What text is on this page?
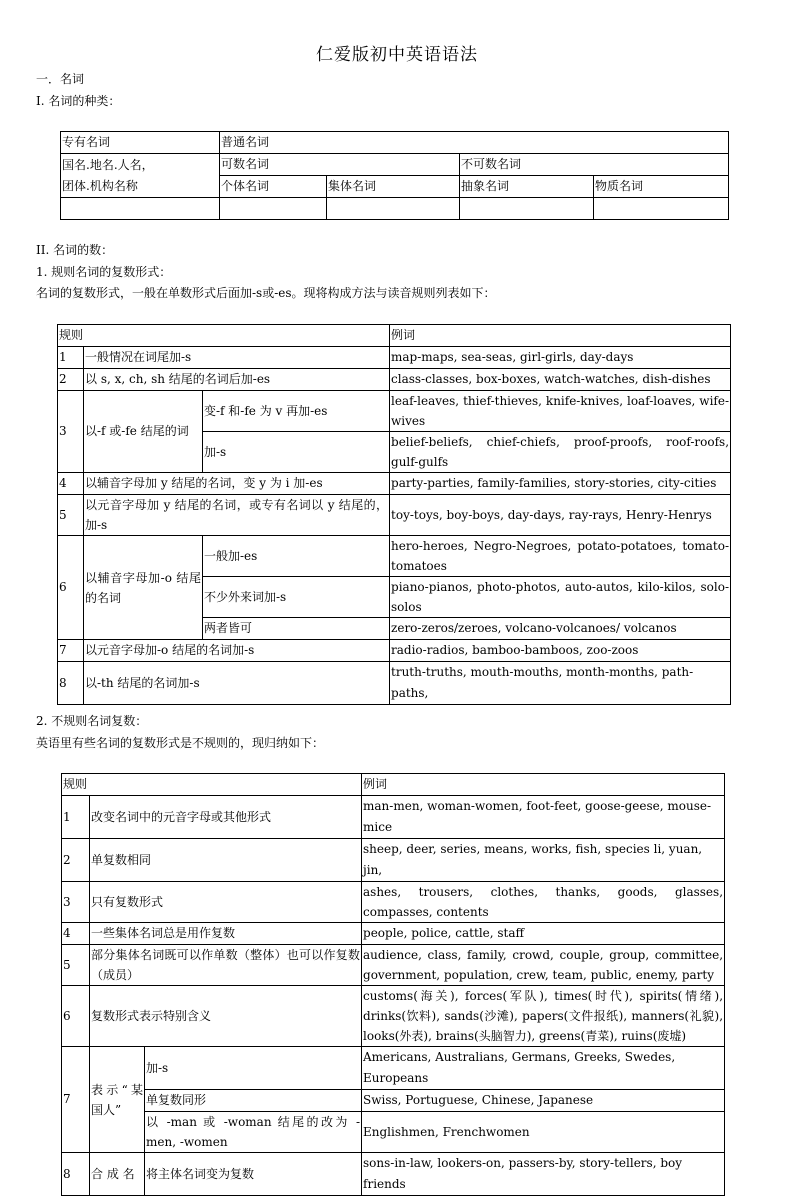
仁爱版初中英语语法
一．名词
I. 名词的种类：
专有名词	普通名词			

国名.地名.人名，
团体.机构名称	可数名词		不可数名词	
	个体名词	集体名词	抽象名词	物质名词

II. 名词的数：
1. 规则名词的复数形式：
名词的复数形式，一般在单数形式后面加-s或-es。现将构成方法与读音规则列表如下：
规则			例词
1	一般情况在词尾加-s		map-maps, sea-seas, girl-girls, day-days
2	以 s, x, ch, sh 结尾的名词后加-es		class-classes, box-boxes, watch-watches, dish-dishes
3	以-f 或-fe 结尾的词	变-f 和-fe 为 v 再加-es	leaf-leaves, thief-thieves, knife-knives, loaf-loaves, wife-wives
		加-s	belief-beliefs, chief-chiefs, proof-proofs, roof-roofs, gulf-gulfs
4	以辅音字母加 y 结尾的名词，变 y 为 i 加-es		party-parties, family-families, story-stories, city-cities
5	以元音字母加 y 结尾的名词，或专有名词以 y 结尾的，加-s		toy-toys, boy-boys, day-days, ray-rays, Henry-Henrys
6	以辅音字母加-o 结尾的名词	一般加-es	hero-heroes, Negro-Negroes, potato-potatoes, tomato-tomatoes
		不少外来词加-s	piano-pianos, photo-photos, auto-autos, kilo-kilos, solo-solos
		两者皆可	zero-zeros/zeroes, volcano-volcanoes/ volcanos
7	以元音字母加-o 结尾的名词加-s		radio-radios, bamboo-bamboos, zoo-zoos
8	以-th 结尾的名词加-s		truth-truths, mouth-mouths, month-months, path-paths,
2. 不规则名词复数：
英语里有些名词的复数形式是不规则的，现归纳如下：
规则			例词
1	改变名词中的元音字母或其他形式		man-men, woman-women, foot-feet, goose-geese, mouse-mice
2	单复数相同		sheep, deer, series, means, works, fish, species li, yuan, jin,
3	只有复数形式		ashes, trousers, clothes, thanks, goods, glasses, compasses, contents
4	一些集体名词总是用作复数		people, police, cattle, staff
5	部分集体名词既可以作单数（整体）也可以作复数（成员）		audience, class, family, crowd, couple, group, committee, government, population, crew, team, public, enemy, party
6	复数形式表示特别含义		customs(海关), forces(军队), times(时代), spirits(情绪), drinks(饮料), sands(沙滩), papers(文件报纸), manners(礼貌), looks(外表), brains(头脑智力), greens(青菜), ruins(废墟)
7	表示“某国人”	加-s	Americans, Australians, Germans, Greeks, Swedes, Europeans
		单复数同形	Swiss, Portuguese, Chinese, Japanese
		以 -man 或 -woman 结尾的改为 -men, -women	Englishmen, Frenchwomen
8	合 成 名	将主体名词变为复数	sons-in-law, lookers-on, passers-by, story-tellers, boy friends
